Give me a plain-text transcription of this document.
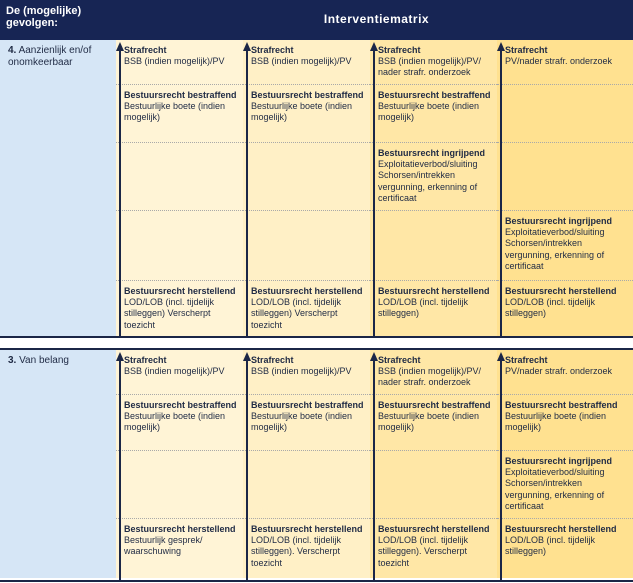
De (mogelijke) gevolgen:	Interventiematrix
4. Aanzienlijk en/of onomkeerbaar
Strafrecht
BSB (indien mogelijk)/PV
Strafrecht
BSB (indien mogelijk)/PV
Strafrecht
BSB (indien mogelijk)/PV/ nader strafr. onderzoek
Strafrecht
PV/nader strafr. onderzoek
Bestuursrecht bestraffend
Bestuurlijke boete (indien mogelijk)
Bestuursrecht bestraffend
Bestuurlijke boete (indien mogelijk)
Bestuursrecht bestraffend
Bestuurlijke boete (indien mogelijk)
Bestuursrecht ingrijpend
Exploitatieverbod/sluiting Schorsen/intrekken vergunning, erkenning of certificaat
Bestuursrecht ingrijpend
Exploitatieverbod/sluiting Schorsen/intrekken vergunning, erkenning of certificaat
Bestuursrecht herstellend
LOD/LOB (incl. tijdelijk stilleggen) Verscherpt toezicht
Bestuursrecht herstellend
LOD/LOB (incl. tijdelijk stilleggen) Verscherpt toezicht
Bestuursrecht herstellend
LOD/LOB (incl. tijdelijk stilleggen)
Bestuursrecht herstellend
LOD/LOB (incl. tijdelijk stilleggen)
3. Van belang	Strafrecht
BSB (indien mogelijk)/PV
Strafrecht
BSB (indien mogelijk)/PV
Strafrecht
BSB (indien mogelijk)/PV/ nader strafr. onderzoek
Strafrecht
PV/nader strafr. onderzoek
Bestuursrecht bestraffend
Bestuurlijke boete (indien mogelijk)
Bestuursrecht bestraffend
Bestuurlijke boete (indien mogelijk)
Bestuursrecht bestraffend
Bestuurlijke boete (indien mogelijk)
Bestuursrecht bestraffend
Bestuurlijke boete (indien mogelijk)
Bestuursrecht ingrijpend
Exploitatieverbod/sluiting Schorsen/intrekken vergunning, erkenning of certificaat
Bestuursrecht herstellend
Bestuurlijk gesprek/ waarschuwing
Bestuursrecht herstellend
LOD/LOB (incl. tijdelijk stilleggen). Verscherpt toezicht
Bestuursrecht herstellend
LOD/LOB (incl. tijdelijk stilleggen). Verscherpt toezicht
Bestuursrecht herstellend
LOD/LOB (incl. tijdelijk stilleggen)
